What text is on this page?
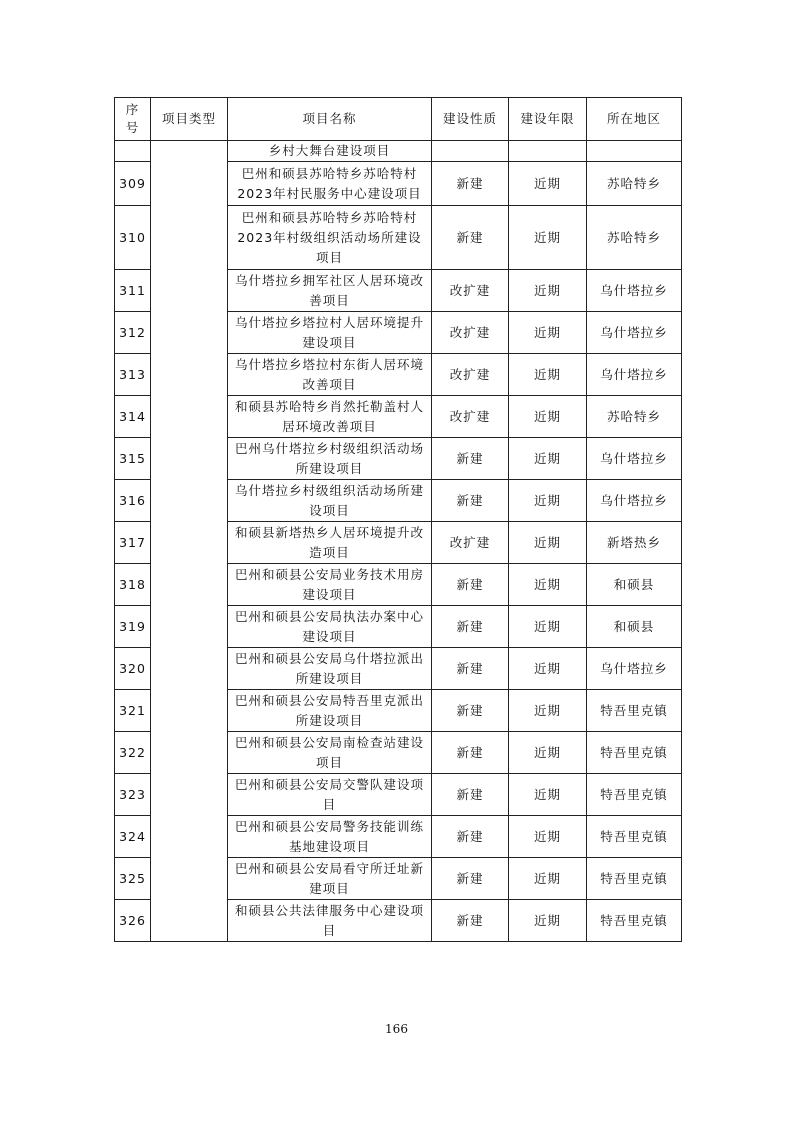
序
号	项目类型	项目名称	建设性质	建设年限	所在地区
		乡村大舞台建设项目			
309		巴州和硕县苏哈特乡苏哈特村2023年村民服务中心建设项目	新建	近期	苏哈特乡
310		巴州和硕县苏哈特乡苏哈特村2023年村级组织活动场所建设项目	新建	近期	苏哈特乡
311		乌什塔拉乡拥军社区人居环境改善项目	改扩建	近期	乌什塔拉乡
312		乌什塔拉乡塔拉村人居环境提升建设项目	改扩建	近期	乌什塔拉乡
313		乌什塔拉乡塔拉村东街人居环境改善项目	改扩建	近期	乌什塔拉乡
314		和硕县苏哈特乡肖然托勒盖村人居环境改善项目	改扩建	近期	苏哈特乡
315		巴州乌什塔拉乡村级组织活动场所建设项目	新建	近期	乌什塔拉乡
316		乌什塔拉乡村级组织活动场所建设项目	新建	近期	乌什塔拉乡
317		和硕县新塔热乡人居环境提升改造项目	改扩建	近期	新塔热乡
318		巴州和硕县公安局业务技术用房建设项目	新建	近期	和硕县
319		巴州和硕县公安局执法办案中心建设项目	新建	近期	和硕县
320		巴州和硕县公安局乌什塔拉派出所建设项目	新建	近期	乌什塔拉乡
321		巴州和硕县公安局特吾里克派出所建设项目	新建	近期	特吾里克镇
322		巴州和硕县公安局南检查站建设项目	新建	近期	特吾里克镇
323		巴州和硕县公安局交警队建设项目	新建	近期	特吾里克镇
324		巴州和硕县公安局警务技能训练基地建设项目	新建	近期	特吾里克镇
325		巴州和硕县公安局看守所迁址新建项目	新建	近期	特吾里克镇
326		和硕县公共法律服务中心建设项目	新建	近期	特吾里克镇
166
